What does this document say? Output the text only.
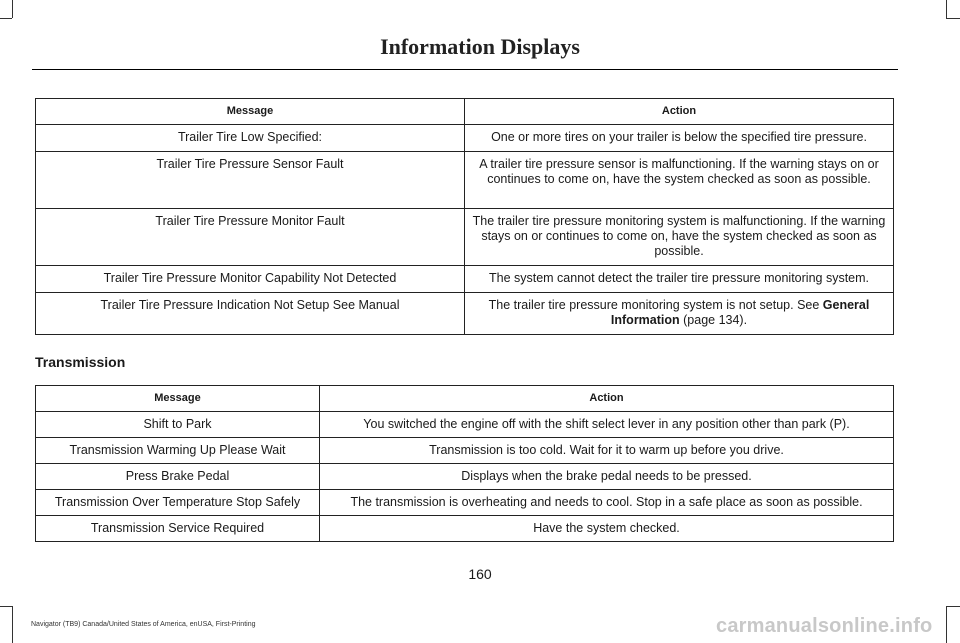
Information Displays
Message	Action
Trailer Tire Low Specified:	One or more tires on your trailer is below the specified tire pressure.
Trailer Tire Pressure Sensor Fault	A trailer tire pressure sensor is malfunctioning. If the warning stays on or continues to come on, have the system checked as soon as possible.
Trailer Tire Pressure Monitor Fault	The trailer tire pressure monitoring system is malfunctioning. If the warning stays on or continues to come on, have the system checked as soon as possible.
Trailer Tire Pressure Monitor Capability Not Detected	The system cannot detect the trailer tire pressure monitoring system.
Trailer Tire Pressure Indication Not Setup See Manual	The trailer tire pressure monitoring system is not setup. See General Information (page 134).
Transmission
Message	Action
Shift to Park	You switched the engine off with the shift select lever in any position other than park (P).
Transmission Warming Up Please Wait	Transmission is too cold. Wait for it to warm up before you drive.
Press Brake Pedal	Displays when the brake pedal needs to be pressed.
Transmission Over Temperature Stop Safely	The transmission is overheating and needs to cool. Stop in a safe place as soon as possible.
Transmission Service Required	Have the system checked.
160
Navigator (TB9) Canada/United States of America, enUSA, First-Printing	carmanualsonline.info
